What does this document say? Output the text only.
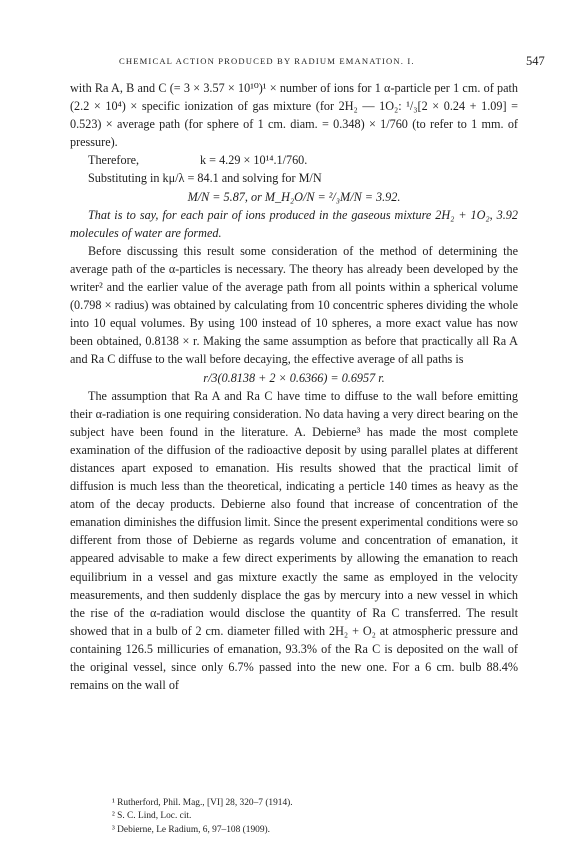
CHEMICAL ACTION PRODUCED BY RADIUM EMANATION. I.	547

with Ra A, B and C (= 3 × 3.57 × 10¹⁰)¹ × number of ions for 1 α-particle per 1 cm. of path (2.2 × 10⁴) × specific ionization of gas mixture (for 2H₂ — 1O₂: ¹/₃[2 × 0.24 + 1.09] = 0.523) × average path (for sphere of 1 cm. diam. = 0.348) × 1/760 (to refer to 1 mm. of pressure).

Therefore,                    k = 4.29 × 10¹⁴.1/760.

Substituting in kμ/λ = 84.1 and solving for M/N

M/N = 5.87, or M_H₂O/N = ²/₃M/N = 3.92.

That is to say, for each pair of ions produced in the gaseous mixture 2H₂ + 1O₂, 3.92 molecules of water are formed.

Before discussing this result some consideration of the method of determining the average path of the α-particles is necessary. The theory has already been developed by the writer² and the earlier value of the average path from all points within a spherical volume (0.798 × radius) was obtained by calculating from 10 concentric spheres dividing the whole into 10 equal volumes. By using 100 instead of 10 spheres, a more exact value has now been obtained, 0.8138 × r. Making the same assumption as before that practically all Ra A and Ra C diffuse to the wall before decaying, the effective average of all paths is

r/3(0.8138 + 2 × 0.6366) = 0.6957 r.

The assumption that Ra A and Ra C have time to diffuse to the wall before emitting their α-radiation is one requiring consideration. No data having a very direct bearing on the subject have been found in the literature. A. Debierne³ has made the most complete examination of the diffusion of the radioactive deposit by using parallel plates at different distances apart exposed to emanation. His results showed that the practical limit of diffusion is much less than the theoretical, indicating a perticle 140 times as heavy as the atom of the decay products. Debierne also found that increase of concentration of the emanation diminishes the diffusion limit. Since the present experimental conditions were so different from those of Debierne as regards volume and concentration of emanation, it appeared advisable to make a few direct experiments by allowing the emanation to reach equilibrium in a vessel and gas mixture exactly the same as employed in the velocity measurements, and then suddenly displace the gas by mercury into a new vessel in which the rise of the α-radiation would disclose the quantity of Ra C transferred. The result showed that in a bulb of 2 cm. diameter filled with 2H₂ + O₂ at atmospheric pressure and containing 126.5 millicuries of emanation, 93.3% of the Ra C is deposited on the wall of the original vessel, since only 6.7% passed into the new one. For a 6 cm. bulb 88.4% remains on the wall of

¹ Rutherford, Phil. Mag., [VI] 28, 320–7 (1914).

² S. C. Lind, Loc. cit.

³ Debierne, Le Radium, 6, 97–108 (1909).
